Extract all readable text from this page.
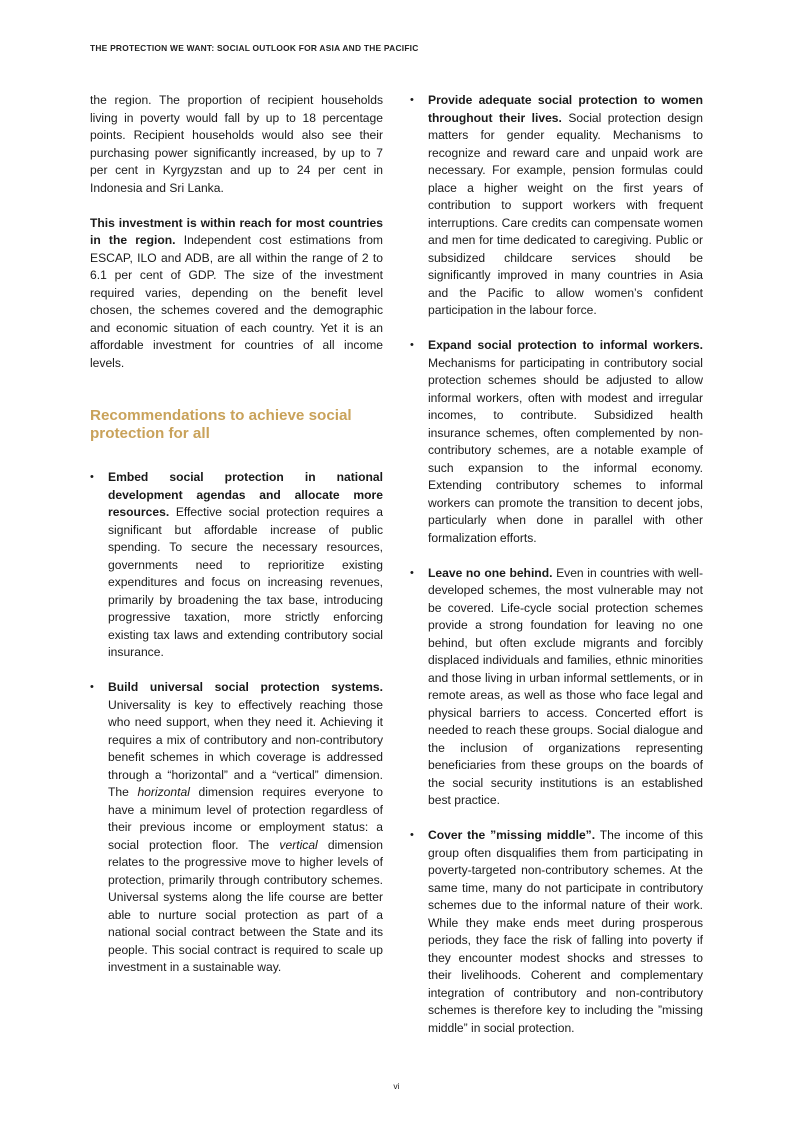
THE PROTECTION WE WANT: SOCIAL OUTLOOK FOR ASIA AND THE PACIFIC

the region. The proportion of recipient households living in poverty would fall by up to 18 percentage points. Recipient households would also see their purchasing power significantly increased, by up to 7 per cent in Kyrgyzstan and up to 24 per cent in Indonesia and Sri Lanka.

This investment is within reach for most countries in the region. Independent cost estimations from ESCAP, ILO and ADB, are all within the range of 2 to 6.1 per cent of GDP. The size of the investment required varies, depending on the benefit level chosen, the schemes covered and the demographic and economic situation of each country. Yet it is an affordable investment for countries of all income levels.

Recommendations to achieve social protection for all
• Embed social protection in national development agendas and allocate more resources. Effective social protection requires a significant but affordable increase of public spending. To secure the necessary resources, governments need to reprioritize existing expenditures and focus on increasing revenues, primarily by broadening the tax base, introducing progressive taxation, more strictly enforcing existing tax laws and extending contributory social insurance.
• Build universal social protection systems. Universality is key to effectively reaching those who need support, when they need it. Achieving it requires a mix of contributory and non-contributory benefit schemes in which coverage is addressed through a “horizontal” and a “vertical” dimension. The horizontal dimension requires everyone to have a minimum level of protection regardless of their previous income or employment status: a social protection floor. The vertical dimension relates to the progressive move to higher levels of protection, primarily through contributory schemes. Universal systems along the life course are better able to nurture social protection as part of a national social contract between the State and its people. This social contract is required to scale up investment in a sustainable way.
• Provide adequate social protection to women throughout their lives. Social protection design matters for gender equality. Mechanisms to recognize and reward care and unpaid work are necessary. For example, pension formulas could place a higher weight on the first years of contribution to support workers with frequent interruptions. Care credits can compensate women and men for time dedicated to caregiving. Public or subsidized childcare services should be significantly improved in many countries in Asia and the Pacific to allow women’s confident participation in the labour force.
• Expand social protection to informal workers. Mechanisms for participating in contributory social protection schemes should be adjusted to allow informal workers, often with modest and irregular incomes, to contribute. Subsidized health insurance schemes, often complemented by non-contributory schemes, are a notable example of such expansion to the informal economy. Extending contributory schemes to informal workers can promote the transition to decent jobs, particularly when done in parallel with other formalization efforts.
• Leave no one behind. Even in countries with well-developed schemes, the most vulnerable may not be covered. Life-cycle social protection schemes provide a strong foundation for leaving no one behind, but often exclude migrants and forcibly displaced individuals and families, ethnic minorities and those living in urban informal settlements, or in remote areas, as well as those who face legal and physical barriers to access. Concerted effort is needed to reach these groups. Social dialogue and the inclusion of organizations representing beneficiaries from these groups on the boards of the social security institutions is an established best practice.
• Cover the ”missing middle”. The income of this group often disqualifies them from participating in poverty-targeted non-contributory schemes. At the same time, many do not participate in contributory schemes due to the informal nature of their work. While they make ends meet during prosperous periods, they face the risk of falling into poverty if they encounter modest shocks and stresses to their livelihoods. Coherent and complementary integration of contributory and non-contributory schemes is therefore key to including the ”missing middle” in social protection.
vi
